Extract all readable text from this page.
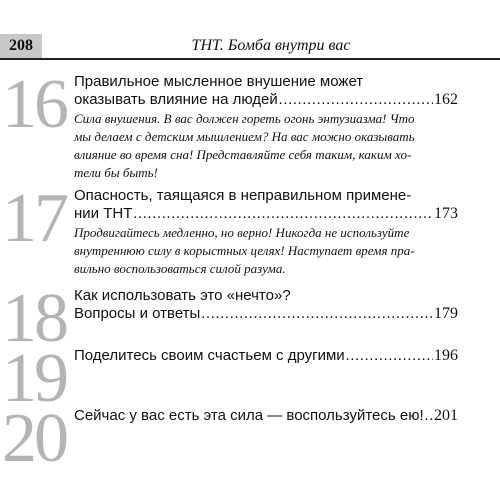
208	ТНТ. Бомба внутри вас
16 Правильное мысленное внушение может
оказывать влияние на людей .....	162
Сила внушения. В вас должен гореть огонь энтузиазма! Что
мы делаем с детским мышлением? На вас можно оказывать
влияние во время сна! Представляйте себя таким, каким хо-
тели бы быть!
17 Опасность, таящаяся в неправильном примене-
нии ТНТ .....	173
Продвигайтесь медленно, но верно! Никогда не используйте
внутреннюю силу в корыстных целях! Наступает время пра-
вильно воспользоваться силой разума.
18 Как использовать это «нечто»?
Вопросы и ответы .....	179
19 Поделитесь своим счастьем с другими .....	196
20 Сейчас у вас есть эта сила — воспользуйтесь ею! ..... 201
